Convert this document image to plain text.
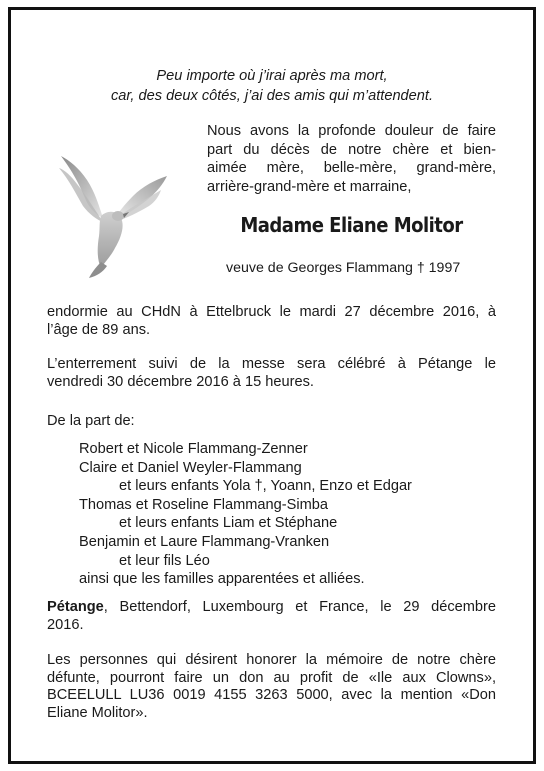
Peu importe où j’irai après ma mort,
car, des deux côtés, j’ai des amis qui m’attendent.
Nous avons la profonde douleur de faire
part du décès de notre chère et bien-
aimée mère, belle-mère, grand-mère,
arrière-grand-mère et marraine,
Madame Eliane Molitor
veuve de Georges Flammang † 1997
endormie au CHdN à Ettelbruck le mardi 27 décembre 2016, à
l’âge de 89 ans.
L’enterrement suivi de la messe sera célébré à Pétange le
vendredi 30 décembre 2016 à 15 heures.
De la part de:
Robert et Nicole Flammang-Zenner
Claire et Daniel Weyler-Flammang
et leurs enfants Yola †, Yoann, Enzo et Edgar
Thomas et Roseline Flammang-Simba
et leurs enfants Liam et Stéphane
Benjamin et Laure Flammang-Vranken
et leur fils Léo
ainsi que les familles apparentées et alliées.
Pétange, Bettendorf, Luxembourg et France, le 29 décembre
2016.
Les personnes qui désirent honorer la mémoire de notre chère
défunte, pourront faire un don au profit de «Ile aux Clowns»,
BCEELULL LU36 0019 4155 3263 5000, avec la mention «Don
Eliane Molitor».
